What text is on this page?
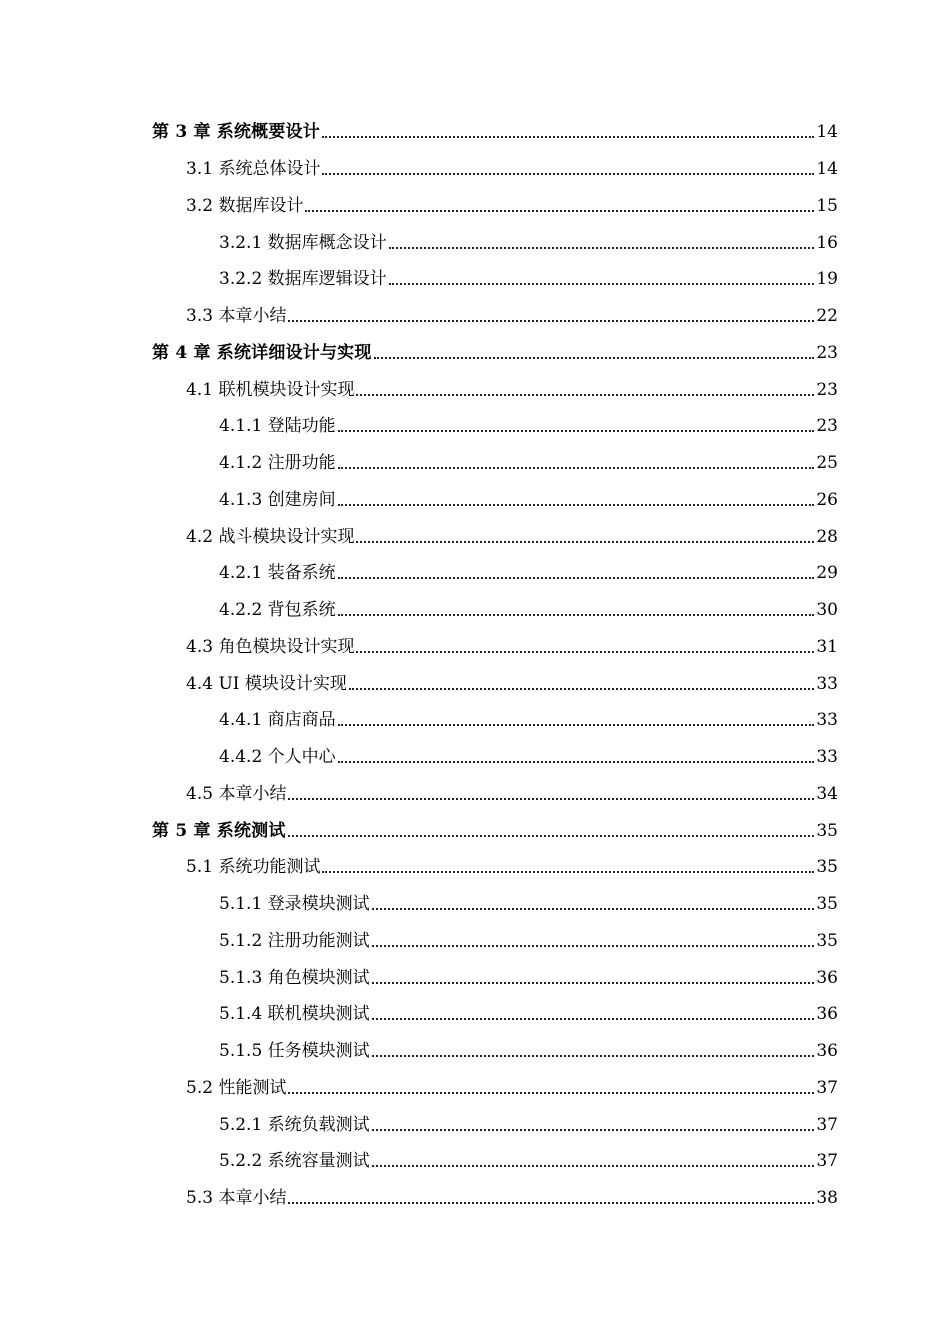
第 3 章 系统概要设计	14
3.1 系统总体设计	14
3.2 数据库设计	15
3.2.1 数据库概念设计	16
3.2.2 数据库逻辑设计	19
3.3 本章小结	22
第 4 章 系统详细设计与实现	23
4.1 联机模块设计实现	23
4.1.1 登陆功能	23
4.1.2 注册功能	25
4.1.3 创建房间	26
4.2 战斗模块设计实现	28
4.2.1 装备系统	29
4.2.2 背包系统	30
4.3 角色模块设计实现	31
4.4 UI 模块设计实现	33
4.4.1 商店商品	33
4.4.2 个人中心	33
4.5 本章小结	34
第 5 章 系统测试	35
5.1 系统功能测试	35
5.1.1 登录模块测试	35
5.1.2 注册功能测试	35
5.1.3 角色模块测试	36
5.1.4 联机模块测试	36
5.1.5 任务模块测试	36
5.2 性能测试	37
5.2.1 系统负载测试	37
5.2.2 系统容量测试	37
5.3 本章小结	38
